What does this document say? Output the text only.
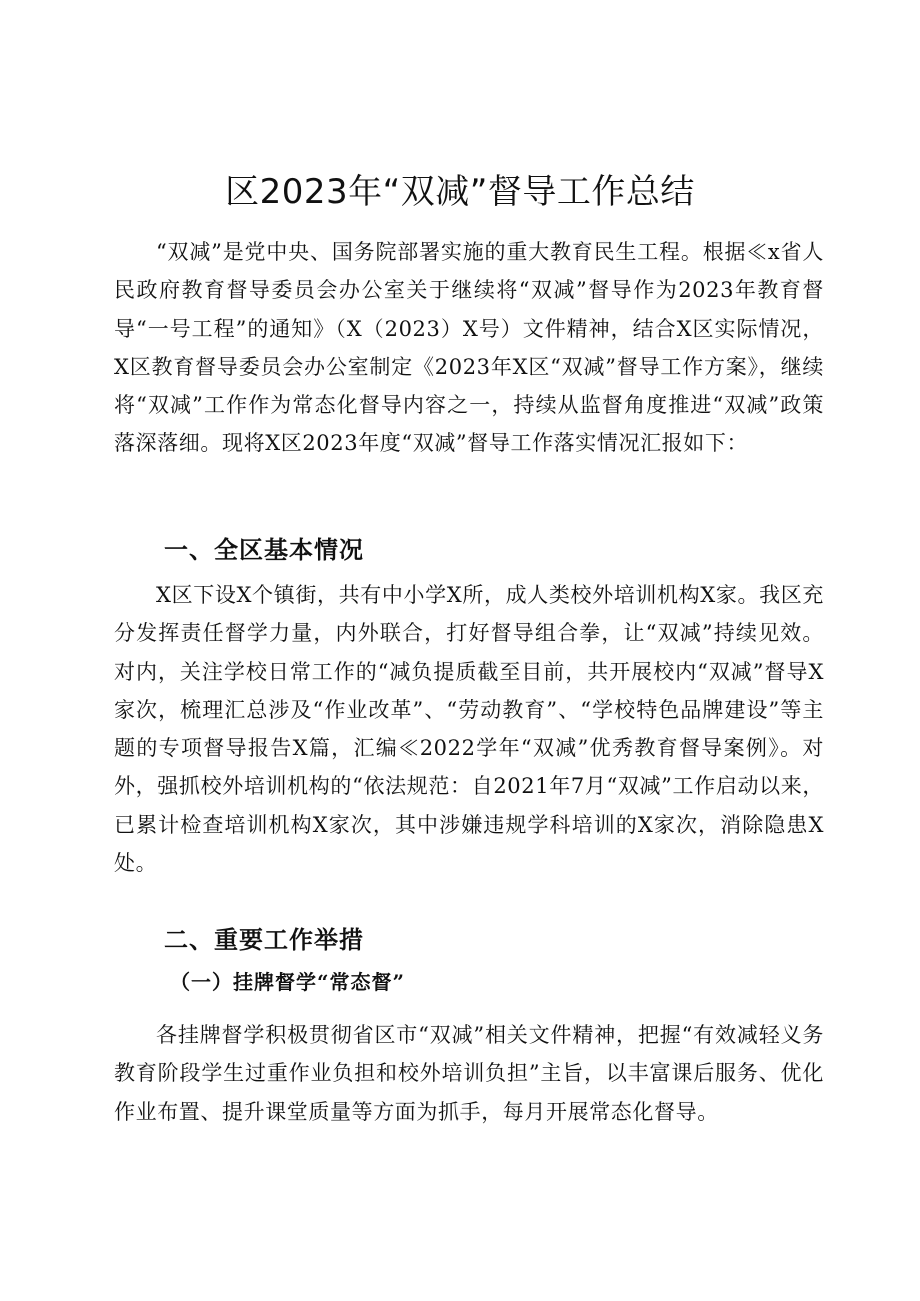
区2023年“双减”督导工作总结

“双减”是党中央、国务院部署实施的重大教育民生工程。根据≪x省人民政府教育督导委员会办公室关于继续将“双减”督导作为2023年教育督导“一号工程”的通知》（X（2023）X号）文件精神，结合X区实际情况，X区教育督导委员会办公室制定《2023年X区“双减”督导工作方案》，继续将“双减”工作作为常态化督导内容之一，持续从监督角度推进“双减”政策落深落细。现将X区2023年度“双减”督导工作落实情况汇报如下：

一、全区基本情况

X区下设X个镇街，共有中小学X所，成人类校外培训机构X家。我区充分发挥责任督学力量，内外联合，打好督导组合拳，让“双减”持续见效。对内，关注学校日常工作的“减负提质截至目前，共开展校内“双减”督导X家次，梳理汇总涉及“作业改革”、“劳动教育”、“学校特色品牌建设”等主题的专项督导报告X篇，汇编≪2022学年“双减”优秀教育督导案例》。对外，强抓校外培训机构的“依法规范：自2021年7月“双减”工作启动以来，已累计检查培训机构X家次，其中涉嫌违规学科培训的X家次，消除隐患X处。

二、重要工作举措
（一）挂牌督学“常态督”

各挂牌督学积极贯彻省区市“双减”相关文件精神，把握“有效减轻义务教育阶段学生过重作业负担和校外培训负担”主旨，以丰富课后服务、优化作业布置、提升课堂质量等方面为抓手，每月开展常态化督导。
